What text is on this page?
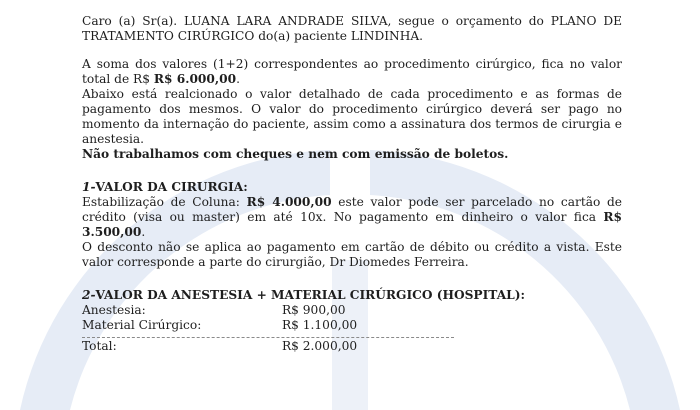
Caro (a) Sr(a). LUANA LARA ANDRADE SILVA, segue o orçamento do PLANO DE TRATAMENTO CIRÚRGICO do(a) paciente LINDINHA.

A soma dos valores (1+2) correspondentes ao procedimento cirúrgico, fica no valor total de R$ R$ 6.000,00.

Abaixo está realcionado o valor detalhado de cada procedimento e as formas de pagamento dos mesmos. O valor do procedimento cirúrgico deverá ser pago no momento da internação do paciente, assim como a assinatura dos termos de cirurgia e anestesia.

Não trabalhamos com cheques e nem com emissão de boletos.

1-VALOR DA CIRURGIA:

Estabilização de Coluna: R$ 4.000,00 este valor pode ser parcelado no cartão de crédito (visa ou master) em até 10x. No pagamento em dinheiro o valor fica R$ 3.500,00.

O desconto não se aplica ao pagamento em cartão de débito ou crédito a vista. Este valor corresponde a parte do cirurgião, Dr Diomedes Ferreira.

2-VALOR DA ANESTESIA + MATERIAL CIRÚRGICO (HOSPITAL):

Anestesia:	R$ 900,00
Material Cirúrgico:	R$ 1.100,00
Total:	R$ 2.000,00
